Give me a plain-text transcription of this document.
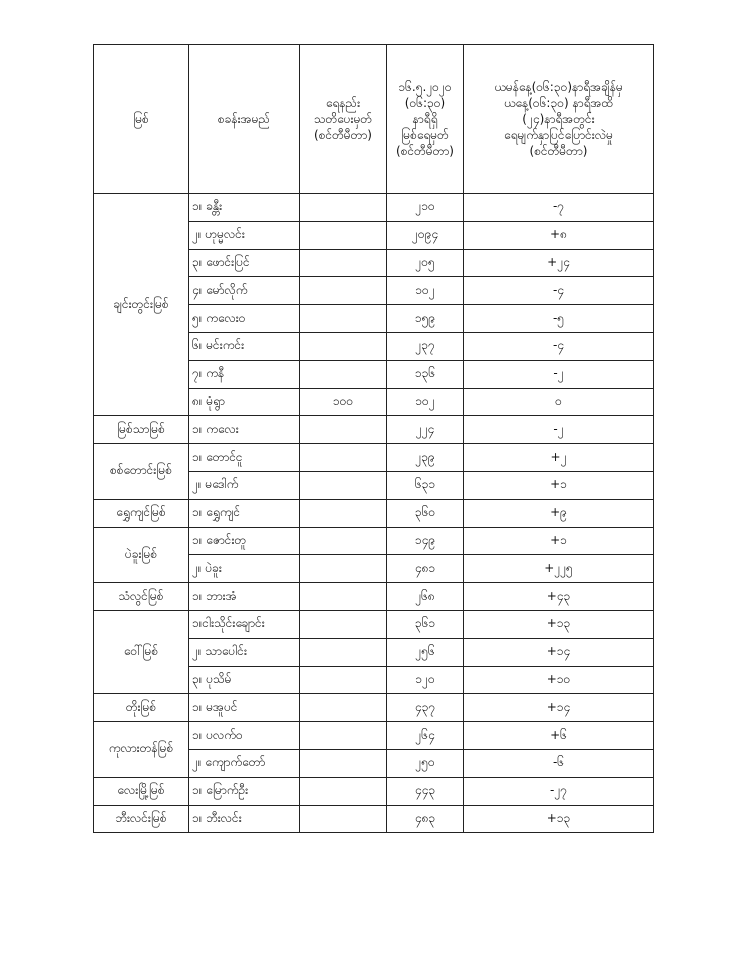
မြစ်	စခန်းအမည်	ရေနည်း
သတိပေးမှတ်
(စင်တီမီတာ)	၁၆.၅.၂၀၂၀
(၀၆:၃၀)
နာရီရှိ
မြစ်ရေမှတ်
(စင်တီမီတာ)	ယမန်နေ့(၀၆:၃၀)နာရီအချိန်မှ
ယနေ့(၀၆:၃၀) နာရီအထိ
(၂၄)နာရီအတွင်း
ရေမျက်နှာပြင်ပြောင်းလဲမှု
(စင်တီမီတာ)

ချင်းတွင်းမြစ်	၁။ ခန္တီး		၂၁၀	-၇
	၂။ ဟုမ္မလင်း		၂၀၉၄	+၈
	၃။ ဖောင်းပြင်		၂၀၅	+၂၄
	၄။ မော်လိုက်		၁၀၂	-၄
	၅။ ကလေးဝ		၁၅၉	-၅
	၆။ မင်းကင်း		၂၃၇	-၄
	၇။ ကနီ		၁၃၆	-၂
	၈။ မုံရွာ	၁၀၀	၁၀၂	၀
မြစ်သာမြစ်	၁။ ကလေး		၂၂၄	-၂
စစ်တောင်းမြစ်	၁။ တောင်ငူ		၂၃၉	+၂
	၂။ မဒေါက်		၆၃၁	+၁
ရွှေကျင်မြစ်	၁။ ရွှေကျင်		၃၆၀	+၉
ပဲခူးမြစ်	၁။ ဇောင်းတူ		၁၄၉	+၁
	၂။ ပဲခူး		၄၈၁	+၂၂၅
သံလွင်မြစ်	၁။ ဘားအံ		၂၆၈	+၄၃
ဝေါ်မြစ်	၁။ငါးသိုင်းချောင်း		၃၆၁	+၁၃
	၂။ သာပေါင်း		၂၅၆	+၁၄
	၃။ ပုသိမ်		၁၂၀	+၁၀
တိုးမြစ်	၁။ မအူပင်		၄၃၇	+၁၄
ကုလားတန်မြစ်	၁။ ပလက်ဝ		၂၆၄	+၆
	၂။ ကျောက်တော်		၂၅၀	-၆
လေးမြို့မြစ်	၁။ မြောက်ဦး		၄၄၃	-၂၇
ဘီးလင်းမြစ်	၁။ ဘီးလင်း		၄၈၃	+၁၃
